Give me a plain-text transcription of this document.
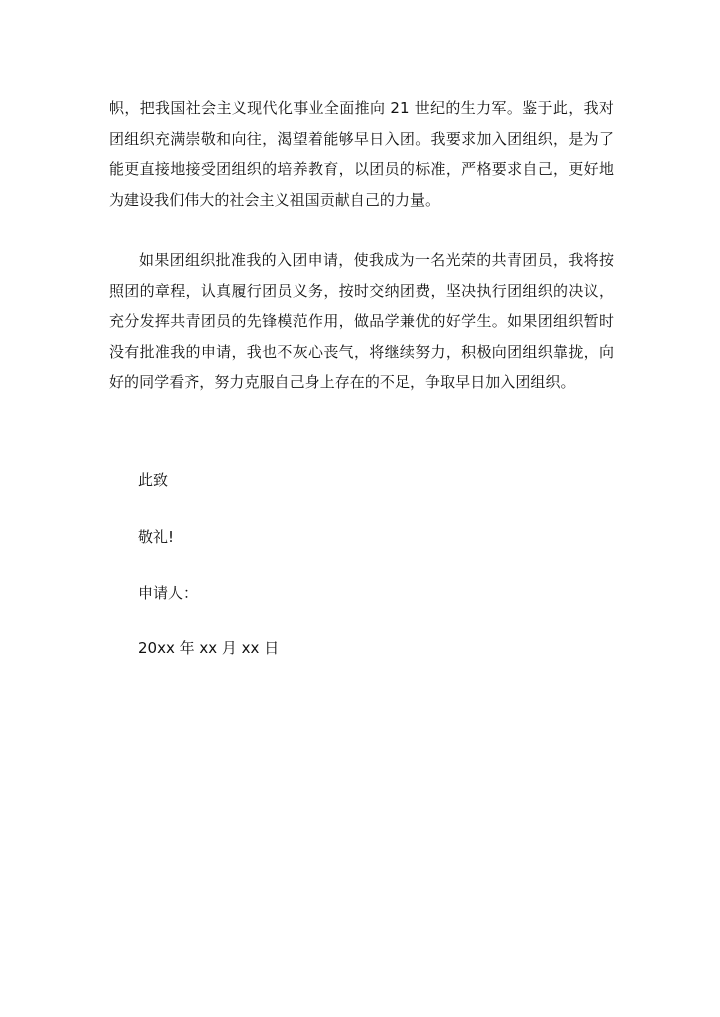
帜，把我国社会主义现代化事业全面推向 21 世纪的生力军。鉴于此，我对团组织充满崇敬和向往，渴望着能够早日入团。我要求加入团组织，是为了能更直接地接受团组织的培养教育，以团员的标准，严格要求自己，更好地为建设我们伟大的社会主义祖国贡献自己的力量。

如果团组织批准我的入团申请，使我成为一名光荣的共青团员，我将按照团的章程，认真履行团员义务，按时交纳团费，坚决执行团组织的决议，充分发挥共青团员的先锋模范作用，做品学兼优的好学生。如果团组织暂时没有批准我的申请，我也不灰心丧气，将继续努力，积极向团组织靠拢，向好的同学看齐，努力克服自己身上存在的不足，争取早日加入团组织。

此致

敬礼!

申请人：

20xx 年 xx 月 xx 日
